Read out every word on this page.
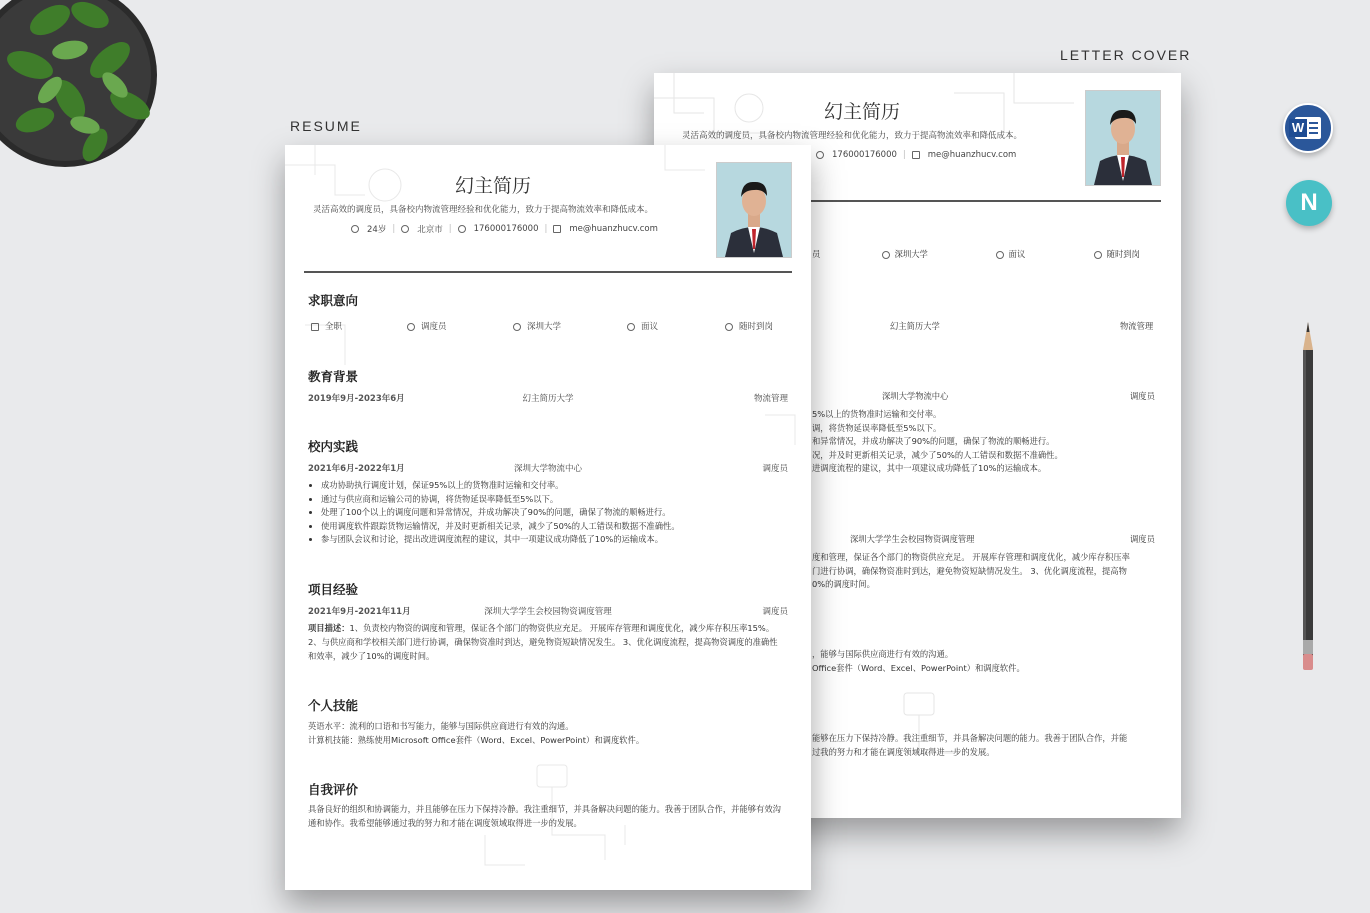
RESUME
LETTER COVER
W
N
幻主简历
灵活高效的调度员，具备校内物流管理经验和优化能力，致力于提高物流效率和降低成本。
176000176000 |	me@huanzhucv.com
员	深圳大学	面议	随时到岗
幻主简历大学	物流管理
深圳大学物流中心	调度员
5%以上的货物准时运输和交付率。
调，将货物延误率降低至5%以下。
和异常情况，并成功解决了90%的问题，确保了物流的顺畅进行。
况，并及时更新相关记录，减少了50%的人工错误和数据不准确性。
进调度流程的建议，其中一项建议成功降低了10%的运输成本。
深圳大学学生会校园物资调度管理	调度员
度和管理，保证各个部门的物资供应充足。 开展库存管理和调度优化，减少库存积压率
门进行协调，确保物资准时到达，避免物资短缺情况发生。 3、优化调度流程，提高物
0%的调度时间。
，能够与国际供应商进行有效的沟通。
Office套件（Word、Excel、PowerPoint）和调度软件。
能够在压力下保持冷静。我注重细节，并具备解决问题的能力。我善于团队合作，并能
过我的努力和才能在调度领域取得进一步的发展。
幻主简历
灵活高效的调度员，具备校内物流管理经验和优化能力，致力于提高物流效率和降低成本。
24岁 |	北京市 |	176000176000 |	me@huanzhucv.com
求职意向
全职	调度员	深圳大学	面议	随时到岗
教育背景
2019年9月-2023年6月	幻主简历大学	物流管理
校内实践
2021年6月-2022年1月	深圳大学物流中心	调度员
• 成功协助执行调度计划，保证95%以上的货物准时运输和交付率。
• 通过与供应商和运输公司的协调，将货物延误率降低至5%以下。
• 处理了100个以上的调度问题和异常情况，并成功解决了90%的问题，确保了物流的顺畅进行。
• 使用调度软件跟踪货物运输情况，并及时更新相关记录，减少了50%的人工错误和数据不准确性。
• 参与团队会议和讨论，提出改进调度流程的建议，其中一项建议成功降低了10%的运输成本。
项目经验
2021年9月-2021年11月	深圳大学学生会校园物资调度管理	调度员
项目描述：1、负责校内物资的调度和管理，保证各个部门的物资供应充足。 开展库存管理和调度优化，减少库存积压率15%。 2、与供应商和学校相关部门进行协调，确保物资准时到达，避免物资短缺情况发生。 3、优化调度流程，提高物资调度的准确性和效率，减少了10%的调度时间。
个人技能
英语水平：流利的口语和书写能力，能够与国际供应商进行有效的沟通。
计算机技能：熟练使用Microsoft Office套件（Word、Excel、PowerPoint）和调度软件。
自我评价
具备良好的组织和协调能力，并且能够在压力下保持冷静。我注重细节，并具备解决问题的能力。我善于团队合作，并能够有效沟通和协作。我希望能够通过我的努力和才能在调度领域取得进一步的发展。
